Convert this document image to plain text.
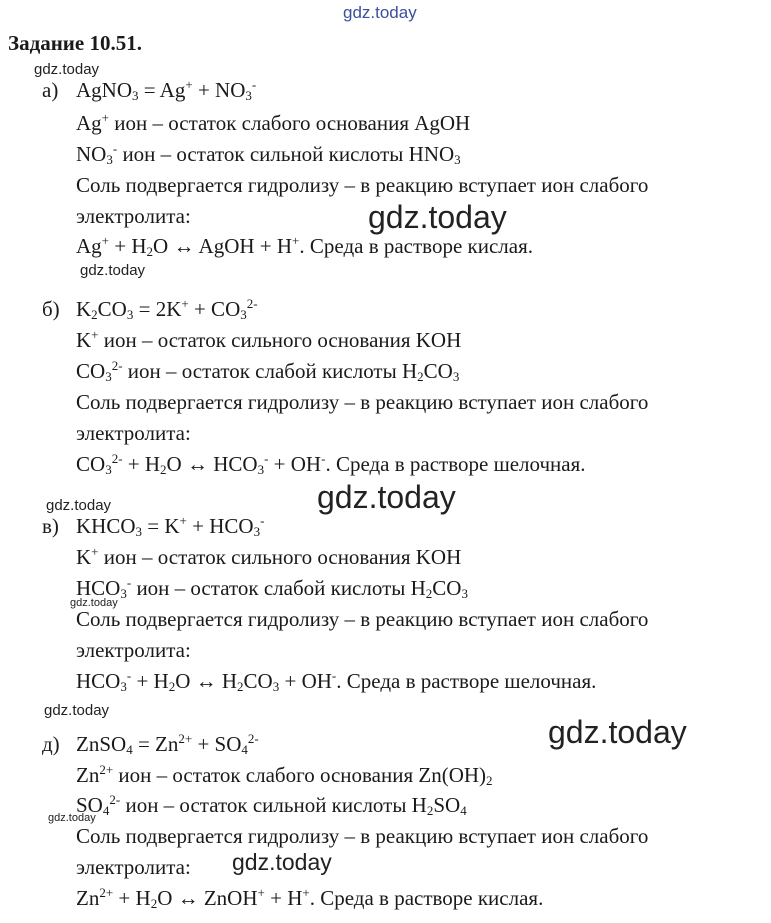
gdz.today
gdz.today
gdz.today
gdz.today
gdz.today
gdz.today
gdz.today
gdz.today
gdz.today
gdz.today
gdz.today
Задание 10.51.
а) AgNO$_3$ = $Ag^+ + NO_3^-$
Ag+ ион – остаток слабого основания AgOH
$NO_3^-$ ион – остаток сильной кислоты $HNO_3$
Соль подвергается гидролизу – в реакцию вступает ион слабого
электролита:
$Ag^+ + H_2O$ ↔ AgOH + H+. Среда в растворе кислая.
б) $K_2CO_3 = 2K^+ + CO_3^{2-}$
K+ ион – остаток сильного основания KOH
$CO_3^{2-}$ ион – остаток слабой кислоты $H_2CO_3$
Соль подвергается гидролизу – в реакцию вступает ион слабого
электролита:
$CO_3^{2-} + H_2O$ ↔ $HCO_3^- + OH^-$. Среда в растворе шелочная.
в) $KHCO_3 = K^+ + HCO_3^-$
K+ ион – остаток сильного основания KOH
$HCO_3^-$ ион – остаток слабой кислоты $H_2CO_3$
Соль подвергается гидролизу – в реакцию вступает ион слабого
электролита:
$HCO_3^- + H_2O$ ↔ $H_2CO_3 + OH^-$. Среда в растворе шелочная.
д) ZnSO$_4$ = $Zn^{2+} + SO_4^{2-}$
$Zn^{2+}$ ион – остаток слабого основания $Zn(OH)_2$
$SO_4^{2-}$ ион – остаток сильной кислоты $H_2SO_4$
Соль подвергается гидролизу – в реакцию вступает ион слабого
электролита:
$Zn^{2+} + H_2O$ ↔ ZnOH+ + H+. Среда в растворе кислая.
